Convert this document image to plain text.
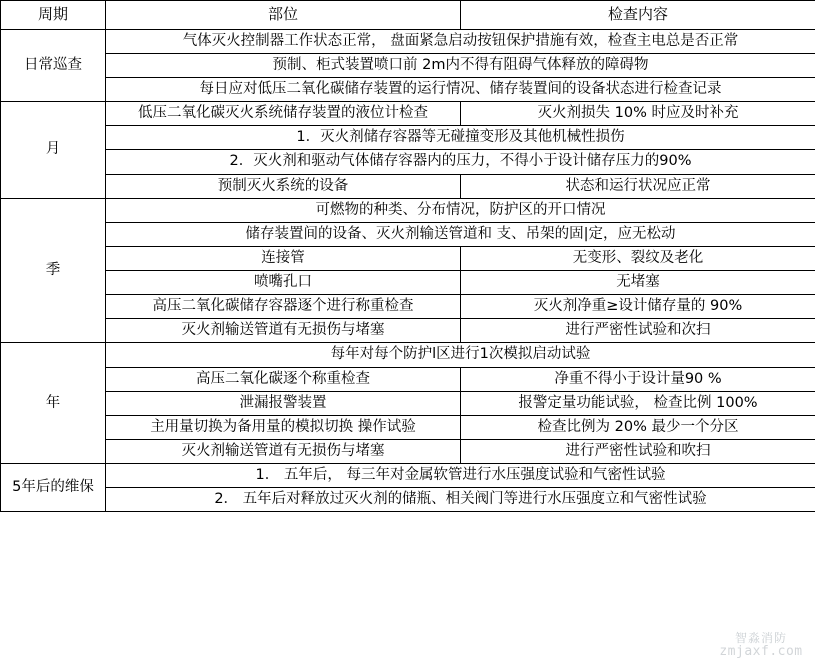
周期	部位	检查内容
日常巡查	气体灭火控制器工作状态正常， 盘面紧急启动按钮保护措施有效，检查主电总是否正常	
	预制、柜式装置喷口前 2m内不得有阻碍气体释放的障碍物	
	每日应对低压二氧化碳储存装置的运行情况、储存装置间的设备状态进行检查记录	
月	低压二氧化碳灭火系统储存装置的液位计检查	灭火剂损失 10% 时应及时补充
	1．灭火剂储存容器等无碰撞变形及其他机械性损伤	
	2．灭火剂和驱动气体储存容器内的压力，不得小于设计储存压力的90%	
	预制灭火系统的设备	状态和运行状况应正常
季	可燃物的种类、分布情况，防护区的开口情况	
	储存装置间的设备、灭火剂输送管道和 支、吊架的固|定，应无松动	
	连接管	无变形、裂纹及老化
	喷嘴孔口	无堵塞
	高压二氧化碳储存容器逐个进行称重检查	灭火剂净重≥设计储存量的 90%
	灭火剂输送管道有无损伤与堵塞	进行严密性试验和次扫
年	每年对每个防护l区进行1次模拟启动试验	
	高压二氧化碳逐个称重检查	净重不得小于设计量90 %
	泄漏报警装置	报警定量功能试验， 检查比例 100%
	主用量切换为备用量的模拟切换 操作试验	检查比例为 20% 最少一个分区
	灭火剂输送管道有无损伤与堵塞	进行严密性试验和吹扫
5年后的维保	1． 五年后， 每三年对金属软管进行水压强度试验和气密性试验	
	2． 五年后对释放过灭火剂的储瓶、相关阀门等进行水压强度立和气密性试验	
智淼消防
zmjaxf.com
